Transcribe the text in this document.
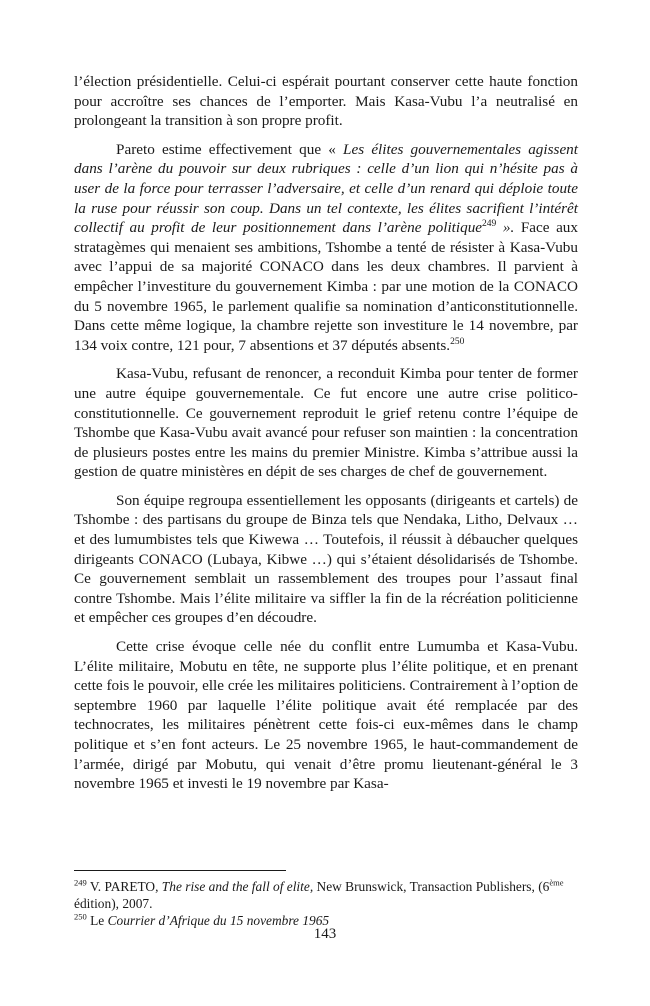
l’élection présidentielle. Celui-ci espérait pourtant conserver cette haute fonction pour accroître ses chances de l’emporter. Mais Kasa-Vubu l’a neutralisé en prolongeant la transition à son propre profit.

Pareto estime effectivement que « Les élites gouvernementales agissent dans l’arène du pouvoir sur deux rubriques : celle d’un lion qui n’hésite pas à user de la force pour terrasser l’adversaire, et celle d’un renard qui déploie toute la ruse pour réussir son coup. Dans un tel contexte, les élites sacrifient l’intérêt collectif au profit de leur positionnement dans l’arène politique$^{249}$ ». Face aux stratagèmes qui menaient ses ambitions, Tshombe a tenté de résister à Kasa-Vubu avec l’appui de sa majorité CONACO dans les deux chambres. Il parvient à empêcher l’investiture du gouvernement Kimba : par une motion de la CONACO du 5 novembre 1965, le parlement qualifie sa nomination d’anticonstitutionnelle. Dans cette même logique, la chambre rejette son investiture le 14 novembre, par 134 voix contre, 121 pour, 7 absentions et 37 députés absents.$^{250}$

Kasa-Vubu, refusant de renoncer, a reconduit Kimba pour tenter de former une autre équipe gouvernementale. Ce fut encore une autre crise politico-constitutionnelle. Ce gouvernement reproduit le grief retenu contre l’équipe de Tshombe que Kasa-Vubu avait avancé pour refuser son maintien : la concentration de plusieurs postes entre les mains du premier Ministre. Kimba s’attribue aussi la gestion de quatre ministères en dépit de ses charges de chef de gouvernement.

Son équipe regroupa essentiellement les opposants (dirigeants et cartels) de Tshombe : des partisans du groupe de Binza tels que Nendaka, Litho, Delvaux … et des lumumbistes tels que Kiwewa … Toutefois, il réussit à débaucher quelques dirigeants CONACO (Lubaya, Kibwe …) qui s’étaient désolidarisés de Tshombe. Ce gouvernement semblait un rassemblement des troupes pour l’assaut final contre Tshombe. Mais l’élite militaire va siffler la fin de la récréation politicienne et empêcher ces groupes d’en découdre.

Cette crise évoque celle née du conflit entre Lumumba et Kasa-Vubu. L’élite militaire, Mobutu en tête, ne supporte plus l’élite politique, et en prenant cette fois le pouvoir, elle crée les militaires politiciens. Contrairement à l’option de septembre 1960 par laquelle l’élite politique avait été remplacée par des technocrates, les militaires pénètrent cette fois-ci eux-mêmes dans le champ politique et s’en font acteurs. Le 25 novembre 1965, le haut-commandement de l’armée, dirigé par Mobutu, qui venait d’être promu lieutenant-général le 3 novembre 1965 et investi le 19 novembre par Kasa-

$^{249}$ V. PARETO, The rise and the fall of elite, New Brunswick, Transaction Publishers, (6ème édition), 2007.

$^{250}$ Le Courrier d’Afrique du 15 novembre 1965

143
